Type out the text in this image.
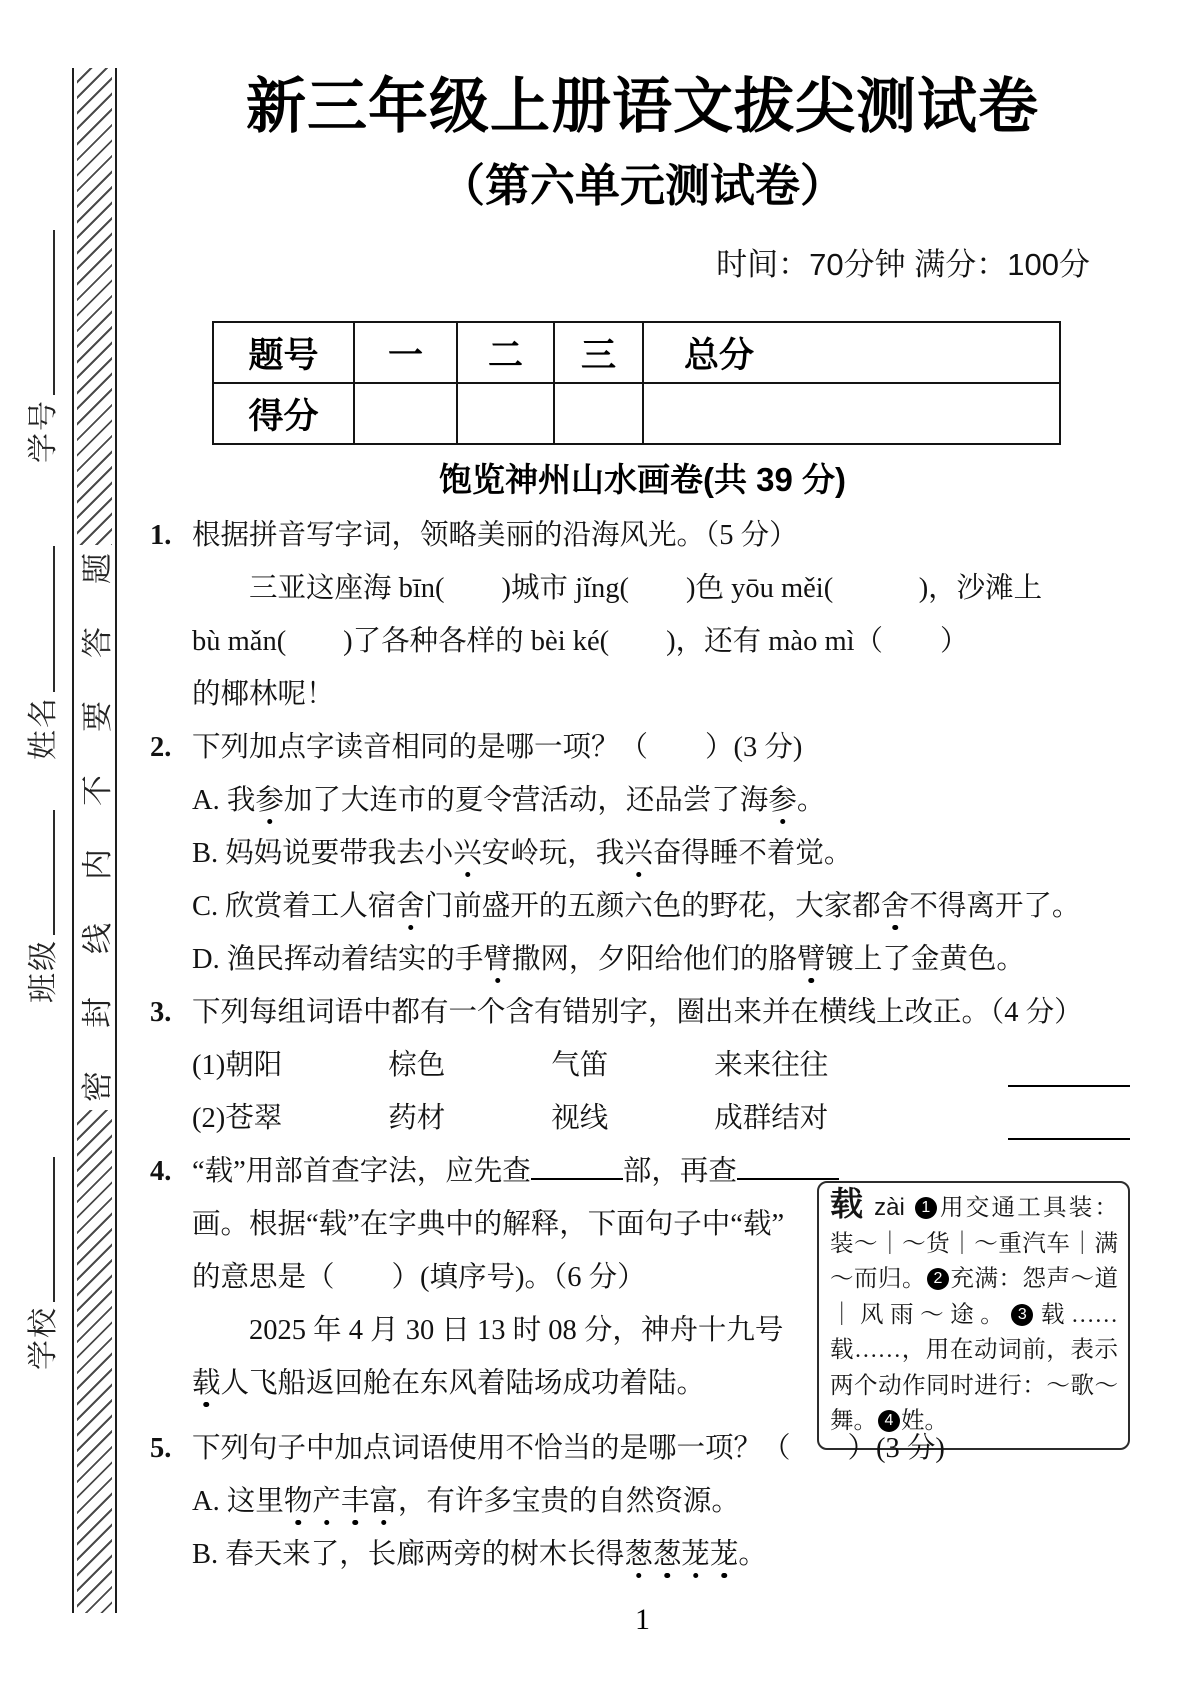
学号
姓名
班级
学校
密
封
线
内
不
要
答
题
新三年级上册语文拔尖测试卷
（第六单元测试卷）
时间：70分钟 满分：100分
题号	一	二	三	总分
得分				
饱览神州山水画卷(共 39 分)
1. 根据拼音写字词，领略美丽的沿海风光。（5 分）
　　三亚这座海 bīn(　　)城市 jǐng(　　)色 yōu měi(　　　)，沙滩上
bù mǎn(　　)了各种各样的 bèi ké(　　)，还有 mào mì（　　）
的椰林呢！
2. 下列加点字读音相同的是哪一项？（　　）(3 分)
A. 我参加了大连市的夏令营活动，还品尝了海参。
B. 妈妈说要带我去小兴安岭玩，我兴奋得睡不着觉。
C. 欣赏着工人宿舍门前盛开的五颜六色的野花，大家都舍不得离开了。
D. 渔民挥动着结实的手臂撒网，夕阳给他们的胳臂镀上了金黄色。
3. 下列每组词语中都有一个含有错别字，圈出来并在横线上改正。（4 分）
(1) 朝阳	棕色	气笛	来来往往
(2) 苍翠	药材	视线	成群结对
4.
载 zài 1 用交通工具装：装～｜～货｜～重汽车｜满～而归。 2 充满：怨声～道｜风雨～途。 3 载……载……，用在动词前，表示两个动作同时进行：～歌～舞。 4 姓。
“载”用部首查字法，应先查	部，再查
画。根据“载”在字典中的解释，下面句子中“载”
的意思是（　　）(填序号)。（6 分）
　　2025 年 4 月 30 日 13 时 08 分，神舟十九号
载人飞船返回舱在东风着陆场成功着陆。
5. 下列句子中加点词语使用不恰当的是哪一项？（　　）(3 分)
A. 这里物产丰富，有许多宝贵的自然资源。
B. 春天来了，长廊两旁的树木长得葱葱茏茏。
1
